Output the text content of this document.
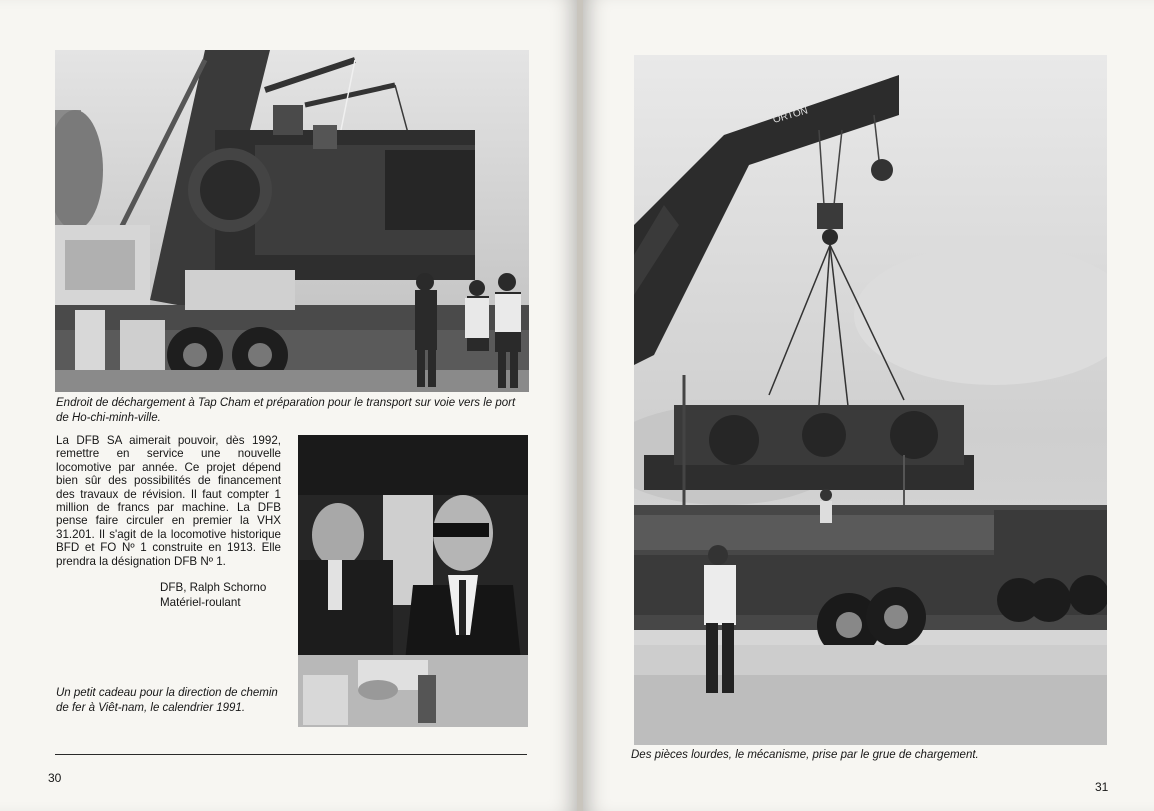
Endroit de déchargement à Tap Cham et préparation pour le transport sur voie vers le port de Ho-chi-minh-ville.

La DFB SA aimerait pouvoir, dès 1992, remettre en service une nouvelle locomotive par année. Ce projet dépend bien sûr des possibilités de financement des travaux de révision. Il faut compter 1 million de francs par machine. La DFB pense faire circuler en premier la VHX 31.201. Il s'agit de la locomotive historique BFD et FO Nº 1 construite en 1913. Elle prendra la désignation DFB Nº 1.

DFB, Ralph Schorno

Matériel-roulant

Un petit cadeau pour la direction de chemin de fer à Viêt-nam, le calendrier 1991.

30
ORTON

Des pièces lourdes, le mécanisme, prise par le grue de chargement.

31
